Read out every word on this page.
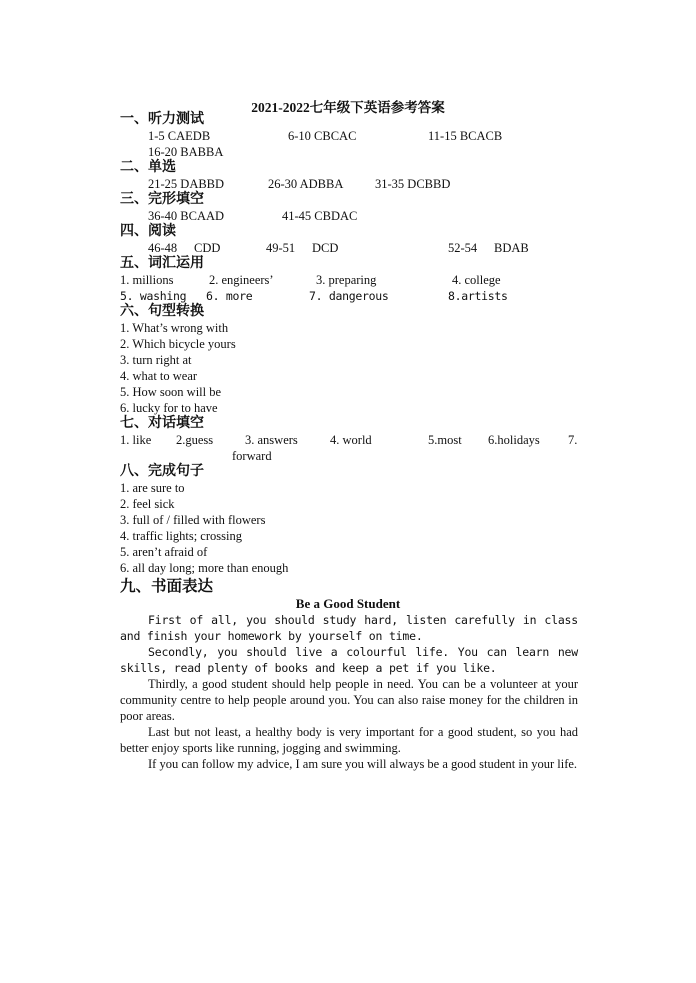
2021-2022七年级下英语参考答案
一、听力测试
1-5 CAEDB	6-10 CBCAC	11-15 BCACB
16-20 BABBA
二、单选
21-25 DABBD	26-30 ADBBA	31-35 DCBBD
三、完形填空
36-40 BCAAD	41-45 CBDAC
四、阅读
46-48 CDD	49-51 DCD	52-54 BDAB
五、词汇运用
1. millions	2. engineers’	3. preparing	4. college
5. washing 6. more	7. dangerous	8.artists
六、句型转换
1. What’s wrong with
2. Which bicycle yours
3. turn right at
4. what to wear
5. How soon will be
6. lucky for to have
七、对话填空
1. like 2.guess	3. answers	4. world	5.most 6.holidays 7.
forward
八、完成句子
1. are sure to
2. feel sick
3. full of / filled with flowers
4. traffic lights; crossing
5. aren’t afraid of
6. all day long; more than enough
九、书面表达
Be a Good Student

First of all, you should study hard, listen carefully in class and finish your homework by yourself on time.

Secondly, you should live a colourful life. You can learn new skills, read plenty of books and keep a pet if you like.

Thirdly, a good student should help people in need. You can be a volunteer at your community centre to help people around you. You can also raise money for the children in poor areas.

Last but not least, a healthy body is very important for a good student, so you had better enjoy sports like running, jogging and swimming.

If you can follow my advice, I am sure you will always be a good student in your life.
